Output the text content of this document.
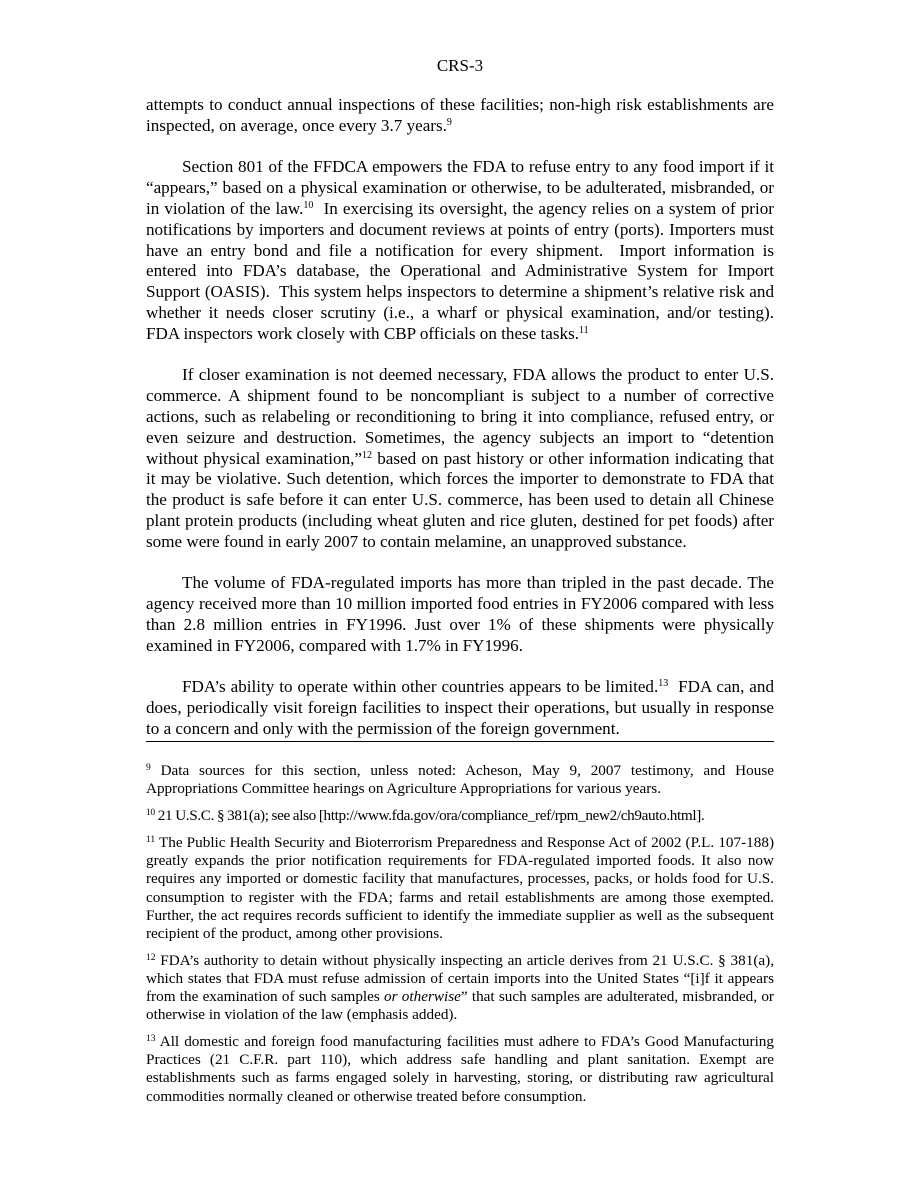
CRS-3

attempts to conduct annual inspections of these facilities; non-high risk establishments are inspected, on average, once every 3.7 years.$^9$

Section 801 of the FFDCA empowers the FDA to refuse entry to any food import if it “appears,” based on a physical examination or otherwise, to be adulterated, misbranded, or in violation of the law.$^{10}$  In exercising its oversight, the agency relies on a system of prior notifications by importers and document reviews at points of entry (ports). Importers must have an entry bond and file a notification for every shipment.  Import information is entered into FDA’s database, the Operational and Administrative System for Import Support (OASIS).  This system helps inspectors to determine a shipment’s relative risk and whether it needs closer scrutiny (i.e., a wharf or physical examination, and/or testing).  FDA inspectors work closely with CBP officials on these tasks.$^{11}$

If closer examination is not deemed necessary, FDA allows the product to enter U.S. commerce. A shipment found to be noncompliant is subject to a number of corrective actions, such as relabeling or reconditioning to bring it into compliance, refused entry, or even seizure and destruction. Sometimes, the agency subjects an import to “detention without physical examination,”$^{12}$ based on past history or other information indicating that it may be violative. Such detention, which forces the importer to demonstrate to FDA that the product is safe before it can enter U.S. commerce, has been used to detain all Chinese plant protein products (including wheat gluten and rice gluten, destined for pet foods) after some were found in early 2007 to contain melamine, an unapproved substance.

The volume of FDA-regulated imports has more than tripled in the past decade. The agency received more than 10 million imported food entries in FY2006 compared with less than 2.8 million entries in FY1996. Just over 1% of these shipments were physically examined in FY2006, compared with 1.7% in FY1996.

FDA’s ability to operate within other countries appears to be limited.$^{13}$  FDA can, and does, periodically visit foreign facilities to inspect their operations, but usually in response to a concern and only with the permission of the foreign government.

$^9$ Data sources for this section, unless noted: Acheson, May 9, 2007 testimony, and House Appropriations Committee hearings on Agriculture Appropriations for various years.
$^{10}$ 21 U.S.C. § 381(a); see also [http://www.fda.gov/ora/compliance_ref/rpm_new2/ch9auto.html].
$^{11}$ The Public Health Security and Bioterrorism Preparedness and Response Act of 2002 (P.L. 107-188) greatly expands the prior notification requirements for FDA-regulated imported foods. It also now requires any imported or domestic facility that manufactures, processes, packs, or holds food for U.S. consumption to register with the FDA; farms and retail establishments are among those exempted. Further, the act requires records sufficient to identify the immediate supplier as well as the subsequent recipient of the product, among other provisions.
$^{12}$ FDA’s authority to detain without physically inspecting an article derives from 21 U.S.C. § 381(a), which states that FDA must refuse admission of certain imports into the United States “[i]f it appears from the examination of such samples or otherwise” that such samples are adulterated, misbranded, or otherwise in violation of the law (emphasis added).
$^{13}$ All domestic and foreign food manufacturing facilities must adhere to FDA’s Good Manufacturing Practices (21 C.F.R. part 110), which address safe handling and plant sanitation. Exempt are establishments such as farms engaged solely in harvesting, storing, or distributing raw agricultural commodities normally cleaned or otherwise treated before consumption.
